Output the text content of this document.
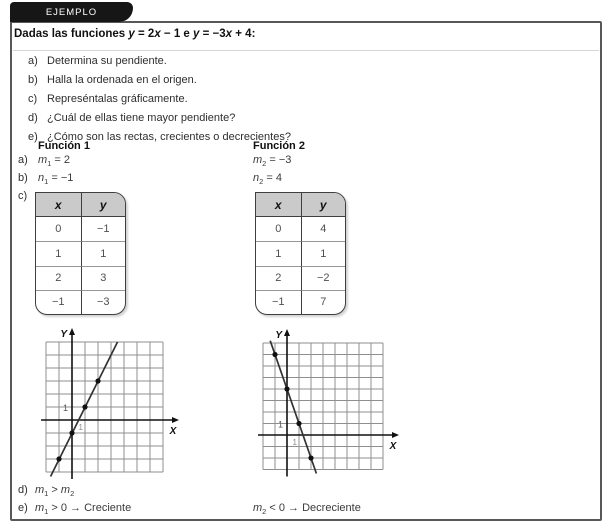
EJEMPLO
Dadas las funciones y = 2x − 1 e y = −3x + 4:
a) Determina su pendiente.
b) Halla la ordenada en el origen.
c) Represéntalas gráficamente.
d) ¿Cuál de ellas tiene mayor pendiente?
e) ¿Cómo son las rectas, crecientes o decrecientes?
Función 1	Función 2
a) $m_1 = 2$	$m_2 = -3$
b) $n_1 = -1$	$n_2 = 4$
c)
x	y
0	−1
1	1
2	3
−1	−3
x	y
0	4
1	1
2	−2
−1	7
Y
X
1
1
Y
X
1
1
d) $m_1 > m_2$
e) $m_1 > 0$ → Creciente	$m_2 < 0$ → Decreciente
